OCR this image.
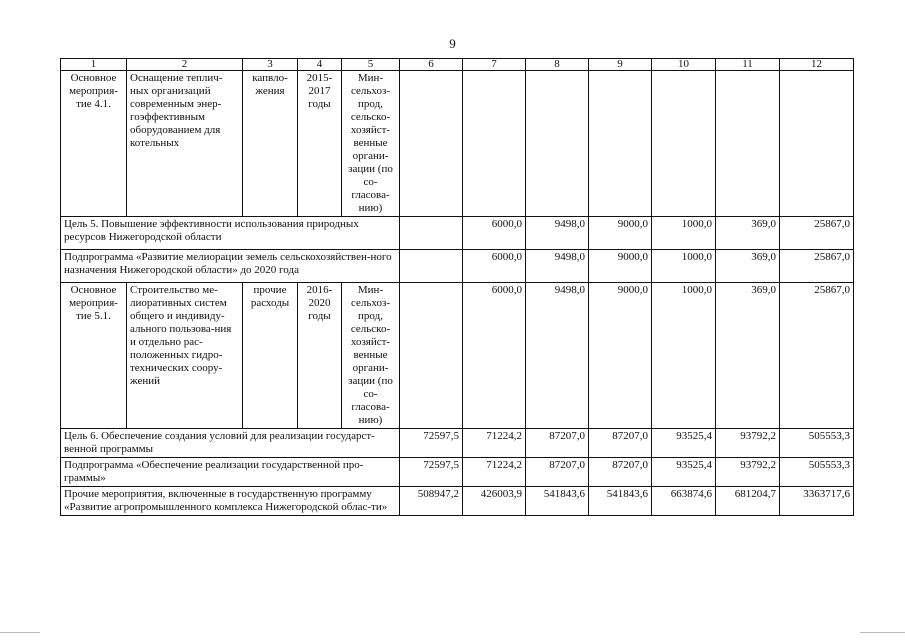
9
1	2	3	4	5	6	7	8	9	10	11	12
Основное мероприя-тие 4.1.	Оснащение теплич-ных организаций современным энер-гоэффективным оборудованием для котельных	капвло-жения	2015-2017 годы	Мин-сельхоз-прод, сельско-хозяйст-венные органи-зации (по со-гласова-нию)							
Цель 5. Повышение эффективности использования природных ресурсов Нижегородской области						6000,0	9498,0	9000,0	1000,0	369,0	25867,0
Подпрограмма «Развитие мелиорации земель сельскохозяйствен-ного назначения Нижегородской области» до 2020 года						6000,0	9498,0	9000,0	1000,0	369,0	25867,0
Основное мероприя-тие 5.1.	Строительство ме-лиоративных систем общего и индивиду-ального пользова-ния и отдельно рас-положенных гидро-технических соору-жений	прочие расходы	2016-2020 годы	Мин-сельхоз-прод, сельско-хозяйст-венные органи-зации (по со-гласова-нию)		6000,0	9498,0	9000,0	1000,0	369,0	25867,0
Цель 6. Обеспечение создания условий для реализации государст-венной программы					72597,5	71224,2	87207,0	87207,0	93525,4	93792,2	505553,3
Подпрограмма «Обеспечение реализации государственной про-граммы»					72597,5	71224,2	87207,0	87207,0	93525,4	93792,2	505553,3
Прочие мероприятия, включенные в государственную программу «Развитие агропромышленного комплекса Нижегородской облас-ти»					508947,2	426003,9	541843,6	541843,6	663874,6	681204,7	3363717,6
